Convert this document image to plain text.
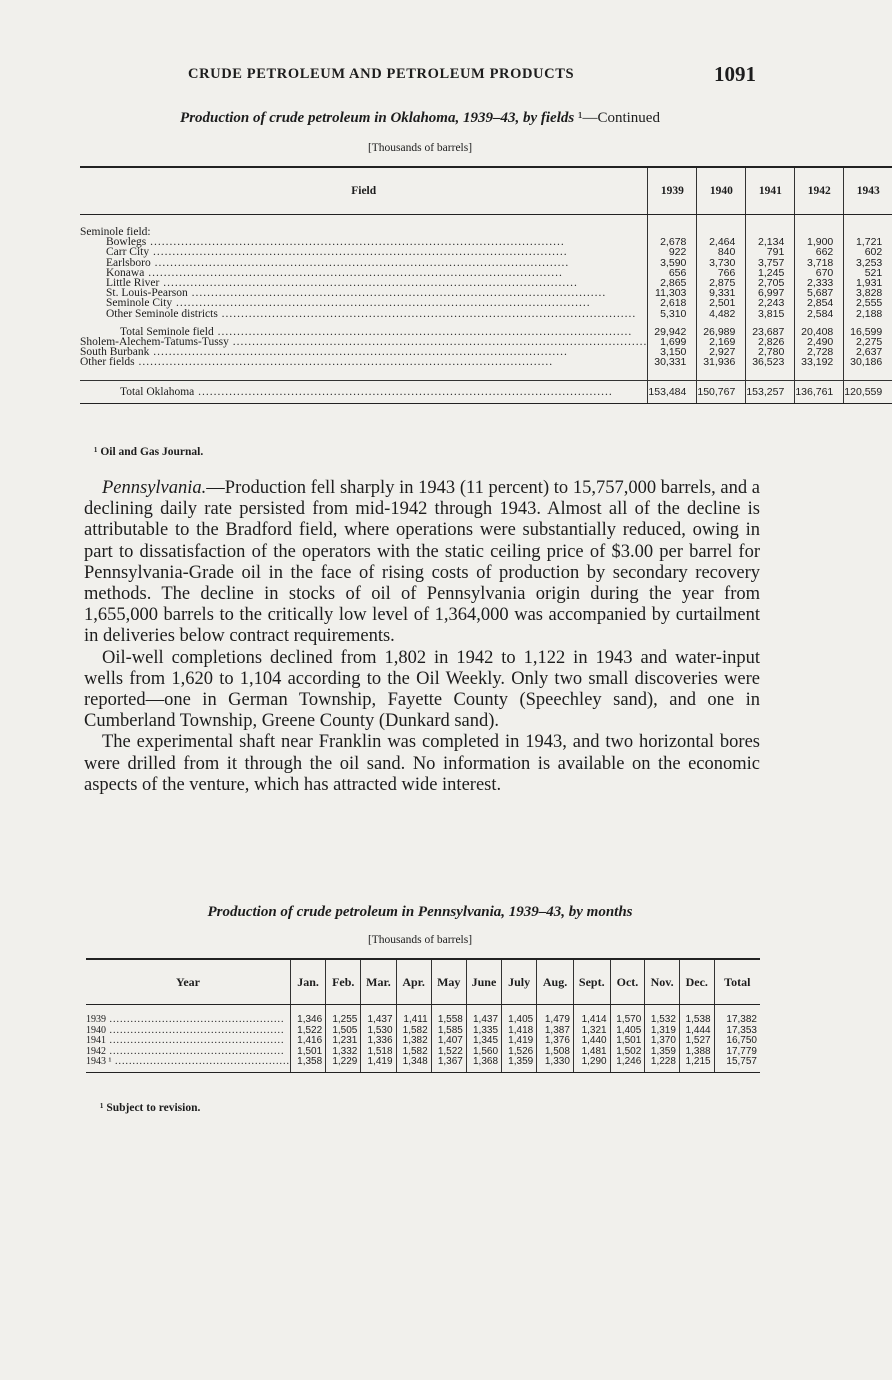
CRUDE PETROLEUM AND PETROLEUM PRODUCTS	1091
Production of crude petroleum in Oklahoma, 1939–43, by fields ¹—Continued
[Thousands of barrels]
Field	1939	1940	1941	1942	1943

Seminole field:					
Bowlegs .....	2,678	2,464	2,134	1,900	1,721
Carr City .....	922	840	791	662	602
Earlsboro .....	3,590	3,730	3,757	3,718	3,253
Konawa .....	656	766	1,245	670	521
Little River .....	2,865	2,875	2,705	2,333	1,931
St. Louis-Pearson .....	11,303	9,331	6,997	5,687	3,828
Seminole City .....	2,618	2,501	2,243	2,854	2,555
Other Seminole districts .....	5,310	4,482	3,815	2,584	2,188

Total Seminole field .....	29,942	26,989	23,687	20,408	16,599
Sholem-Alechem-Tatums-Tussy .....	1,699	2,169	2,826	2,490	2,275
South Burbank .....	3,150	2,927	2,780	2,728	2,637
Other fields .....	30,331	31,936	36,523	33,192	30,186

Total Oklahoma .....	153,484	150,767	153,257	136,761	120,559
¹ Oil and Gas Journal.

Pennsylvania.—Production fell sharply in 1943 (11 percent) to 15,757,000 barrels, and a declining daily rate persisted from mid-1942 through 1943. Almost all of the decline is attributable to the Bradford field, where operations were substantially reduced, owing in part to dissatisfaction of the operators with the static ceiling price of $3.00 per barrel for Pennsylvania-Grade oil in the face of rising costs of production by secondary recovery methods. The decline in stocks of oil of Pennsylvania origin during the year from 1,655,000 barrels to the critically low level of 1,364,000 was accompanied by curtailment in deliveries below contract requirements.

Oil-well completions declined from 1,802 in 1942 to 1,122 in 1943 and water-input wells from 1,620 to 1,104 according to the Oil Weekly. Only two small discoveries were reported—one in German Township, Fayette County (Speechley sand), and one in Cumberland Township, Greene County (Dunkard sand).

The experimental shaft near Franklin was completed in 1943, and two horizontal bores were drilled from it through the oil sand. No information is available on the economic aspects of the venture, which has attracted wide interest.

Production of crude petroleum in Pennsylvania, 1939–43, by months
[Thousands of barrels]
Year	Jan.	Feb.	Mar.	Apr.	May	June	July	Aug.	Sept.	Oct.	Nov.	Dec.	Total

1939 .....	1,346	1,255	1,437	1,411	1,558	1,437	1,405	1,479	1,414	1,570	1,532	1,538	17,382
1940 .....	1,522	1,505	1,530	1,582	1,585	1,335	1,418	1,387	1,321	1,405	1,319	1,444	17,353
1941 .....	1,416	1,231	1,336	1,382	1,407	1,345	1,419	1,376	1,440	1,501	1,370	1,527	16,750
1942 .....	1,501	1,332	1,518	1,582	1,522	1,560	1,526	1,508	1,481	1,502	1,359	1,388	17,779
1943 ¹ .....	1,358	1,229	1,419	1,348	1,367	1,368	1,359	1,330	1,290	1,246	1,228	1,215	15,757
¹ Subject to revision.
